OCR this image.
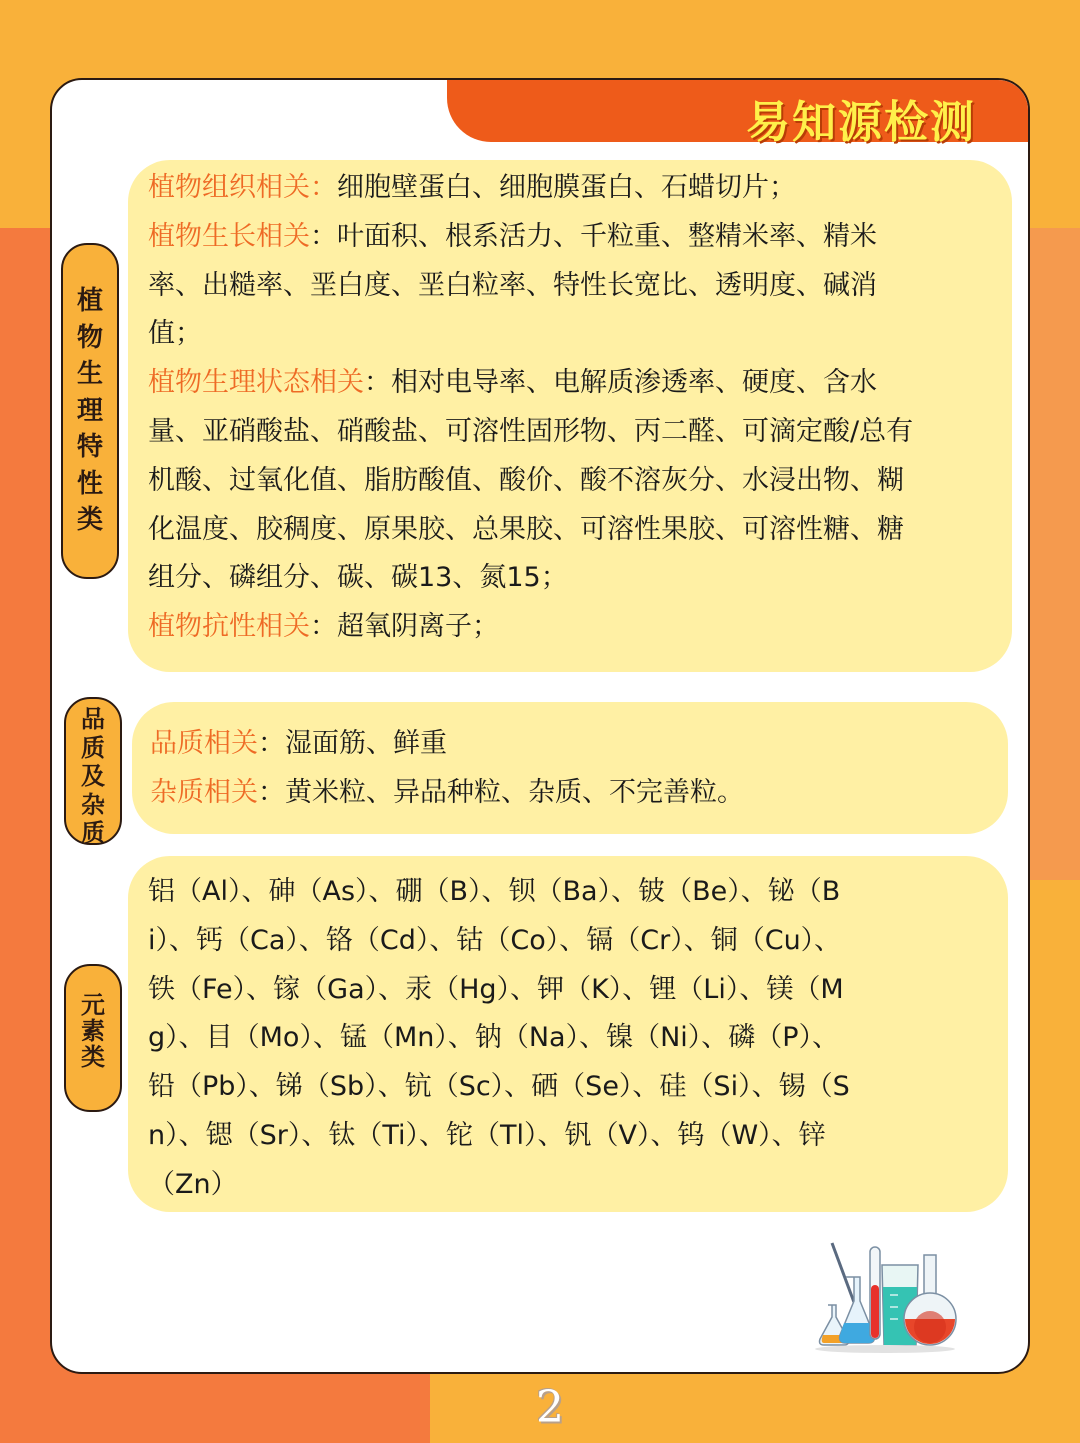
易知源检测
植
物
生
理
特
性
类
植物组织相关：细胞壁蛋白、细胞膜蛋白、石蜡切片；
植物生长相关：叶面积、根系活力、千粒重、整精米率、精米
率、出糙率、垩白度、垩白粒率、特性长宽比、透明度、碱消
值；
植物生理状态相关：相对电导率、电解质渗透率、硬度、含水
量、亚硝酸盐、硝酸盐、可溶性固形物、丙二醛、可滴定酸/总有
机酸、过氧化值、脂肪酸值、酸价、酸不溶灰分、水浸出物、糊
化温度、胶稠度、原果胶、总果胶、可溶性果胶、可溶性糖、糖
组分、磷组分、碳、碳13、氮15；
植物抗性相关：超氧阴离子；
品
质
及
杂
质
品质相关：湿面筋、鲜重
杂质相关：黄米粒、异品种粒、杂质、不完善粒。
元
素
类
铝（Al）、砷（As）、硼（B）、钡（Ba）、铍（Be）、铋（B
i）、钙（Ca）、铬（Cd）、钴（Co）、镉（Cr）、铜（Cu）、
铁（Fe）、镓（Ga）、汞（Hg）、钾（K）、锂（Li）、镁（M
g）、目（Mo）、锰（Mn）、钠（Na）、镍（Ni）、磷（P）、
铅（Pb）、锑（Sb）、钪（Sc）、硒（Se）、硅（Si）、锡（S
n）、锶（Sr）、钛（Ti）、铊（Tl）、钒（V）、钨（W）、锌
（Zn）
2
